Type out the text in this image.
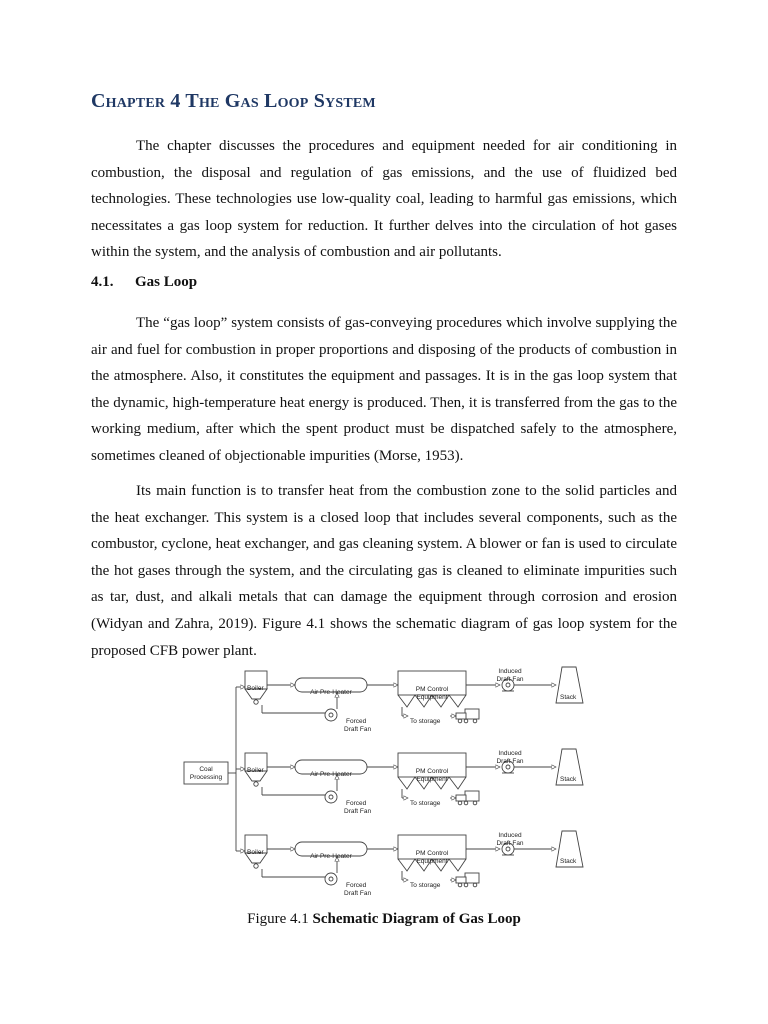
Chapter 4 The Gas Loop System

The chapter discusses the procedures and equipment needed for air conditioning in combustion, the disposal and regulation of gas emissions, and the use of fluidized bed technologies. These technologies use low-quality coal, leading to harmful gas emissions, which necessitates a gas loop system for reduction. It further delves into the circulation of hot gases within the system, and the analysis of combustion and air pollutants.

4.1. Gas Loop

The “gas loop” system consists of gas-conveying procedures which involve supplying the air and fuel for combustion in proper proportions and disposing of the products of combustion in the atmosphere. Also, it constitutes the equipment and passages. It is in the gas loop system that the dynamic, high-temperature heat energy is produced. Then, it is transferred from the gas to the working medium, after which the spent product must be dispatched safely to the atmosphere, sometimes cleaned of objectionable impurities (Morse, 1953).

Its main function is to transfer heat from the combustion zone to the solid particles and the heat exchanger. This system is a closed loop that includes several components, such as the combustor, cyclone, heat exchanger, and gas cleaning system. A blower or fan is used to circulate the hot gases through the system, and the circulating gas is cleaned to eliminate impurities such as tar, dust, and alkali metals that can damage the equipment through corrosion and erosion (Widyan and Zahra, 2019). Figure 4.1 shows the schematic diagram of gas loop system for the proposed CFB power plant.

Coal
Processing
Boiler
Air Pre-Heater	PM Control
Equipment
Forced
Draft Fan
Induced
Draft Fan
To storage
Stack
Boiler
Air Pre-Heater	PM Control
Equipment
Forced
Draft Fan
Induced
Draft Fan
To storage
Stack
Boiler
Air Pre-Heater	PM Control
Equipment
Forced
Draft Fan
Induced
Draft Fan
To storage
Stack

Figure 4.1 Schematic Diagram of Gas Loop
